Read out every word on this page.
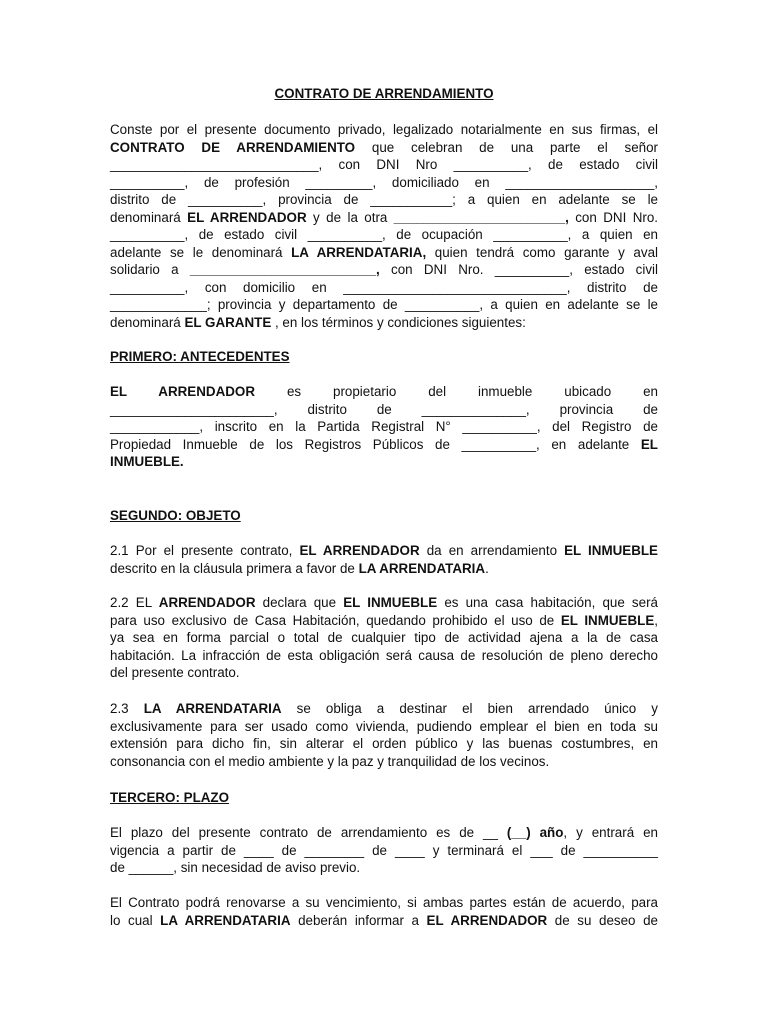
CONTRATO DE ARRENDAMIENTO
Conste por el presente documento privado, legalizado notarialmente en sus firmas, el
CONTRATO DE ARRENDAMIENTO que celebran de una parte el señor
____________________________, con DNI Nro __________, de estado civil
__________, de profesión _________, domiciliado en ____________________,
distrito de __________, provincia de ___________; a quien en adelante se le
denominará EL ARRENDADOR y de la otra _______________________, con DNI Nro.
__________, de estado civil __________, de ocupación __________, a quien en
adelante se le denominará LA ARRENDATARIA, quien tendrá como garante y aval
solidario a _________________________, con DNI Nro. __________, estado civil
__________, con domicilio en ______________________________, distrito de
_____________; provincia y departamento de __________, a quien en adelante se le
denominará EL GARANTE , en los términos y condiciones siguientes:
PRIMERO: ANTECEDENTES
EL ARRENDADOR es propietario del inmueble ubicado en
______________________, distrito de ______________, provincia de
____________, inscrito en la Partida Registral N° __________, del Registro de
Propiedad Inmueble de los Registros Públicos de __________, en adelante EL
INMUEBLE.
SEGUNDO: OBJETO
2.1 Por el presente contrato, EL ARRENDADOR da en arrendamiento EL INMUEBLE
descrito en la cláusula primera a favor de LA ARRENDATARIA.
2.2 EL ARRENDADOR declara que EL INMUEBLE es una casa habitación, que será
para uso exclusivo de Casa Habitación, quedando prohibido el uso de EL INMUEBLE,
ya sea en forma parcial o total de cualquier tipo de actividad ajena a la de casa
habitación. La infracción de esta obligación será causa de resolución de pleno derecho
del presente contrato.
2.3 LA ARRENDATARIA se obliga a destinar el bien arrendado único y
exclusivamente para ser usado como vivienda, pudiendo emplear el bien en toda su
extensión para dicho fin, sin alterar el orden público y las buenas costumbres, en
consonancia con el medio ambiente y la paz y tranquilidad de los vecinos.
TERCERO: PLAZO
El plazo del presente contrato de arrendamiento es de __ (__) año, y entrará en
vigencia a partir de ____ de ________ de ____ y terminará el ___ de __________
de ______, sin necesidad de aviso previo.
El Contrato podrá renovarse a su vencimiento, si ambas partes están de acuerdo, para
lo cual LA ARRENDATARIA deberán informar a EL ARRENDADOR de su deseo de
